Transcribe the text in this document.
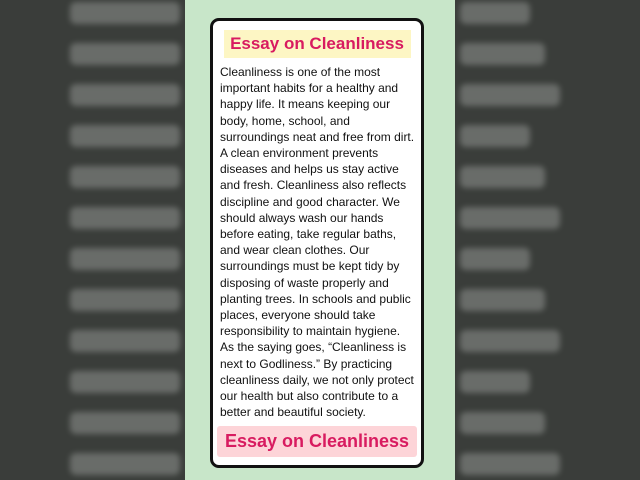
Essay on Cleanliness
Cleanliness is one of the most important habits for a healthy and happy life. It means keeping our body, home, school, and surroundings neat and free from dirt. A clean environment prevents diseases and helps us stay active and fresh. Cleanliness also reflects discipline and good character. We should always wash our hands before eating, take regular baths, and wear clean clothes. Our surroundings must be kept tidy by disposing of waste properly and planting trees. In schools and public places, everyone should take responsibility to maintain hygiene. As the saying goes, “Cleanliness is next to Godliness.” By practicing cleanliness daily, we not only protect our health but also contribute to a better and beautiful society.
Essay on Cleanliness
